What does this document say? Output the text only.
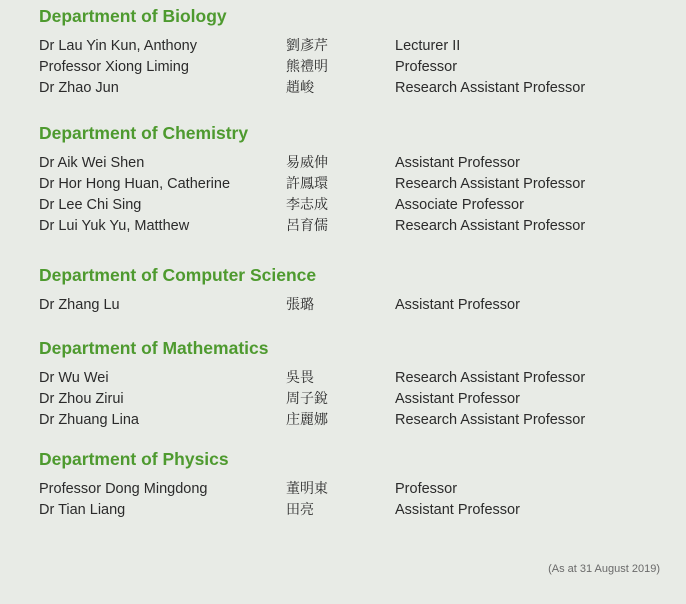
Department of Biology
Dr Lau Yin Kun, Anthony	劉彥芹	Lecturer II
Professor Xiong Liming	熊禮明	Professor
Dr Zhao Jun	趙峻	Research Assistant Professor
Department of Chemistry
Dr Aik Wei Shen	易威伸	Assistant Professor
Dr Hor Hong Huan, Catherine	許鳳環	Research Assistant Professor
Dr Lee Chi Sing	李志成	Associate Professor
Dr Lui Yuk Yu, Matthew	呂育儒	Research Assistant Professor
Department of Computer Science
Dr Zhang Lu	張璐	Assistant Professor
Department of Mathematics
Dr Wu Wei	吳畏	Research Assistant Professor
Dr Zhou Zirui	周子銳	Assistant Professor
Dr Zhuang Lina	庄麗娜	Research Assistant Professor
Department of Physics
Professor Dong Mingdong	董明東	Professor
Dr Tian Liang	田亮	Assistant Professor
(As at 31 August 2019)
